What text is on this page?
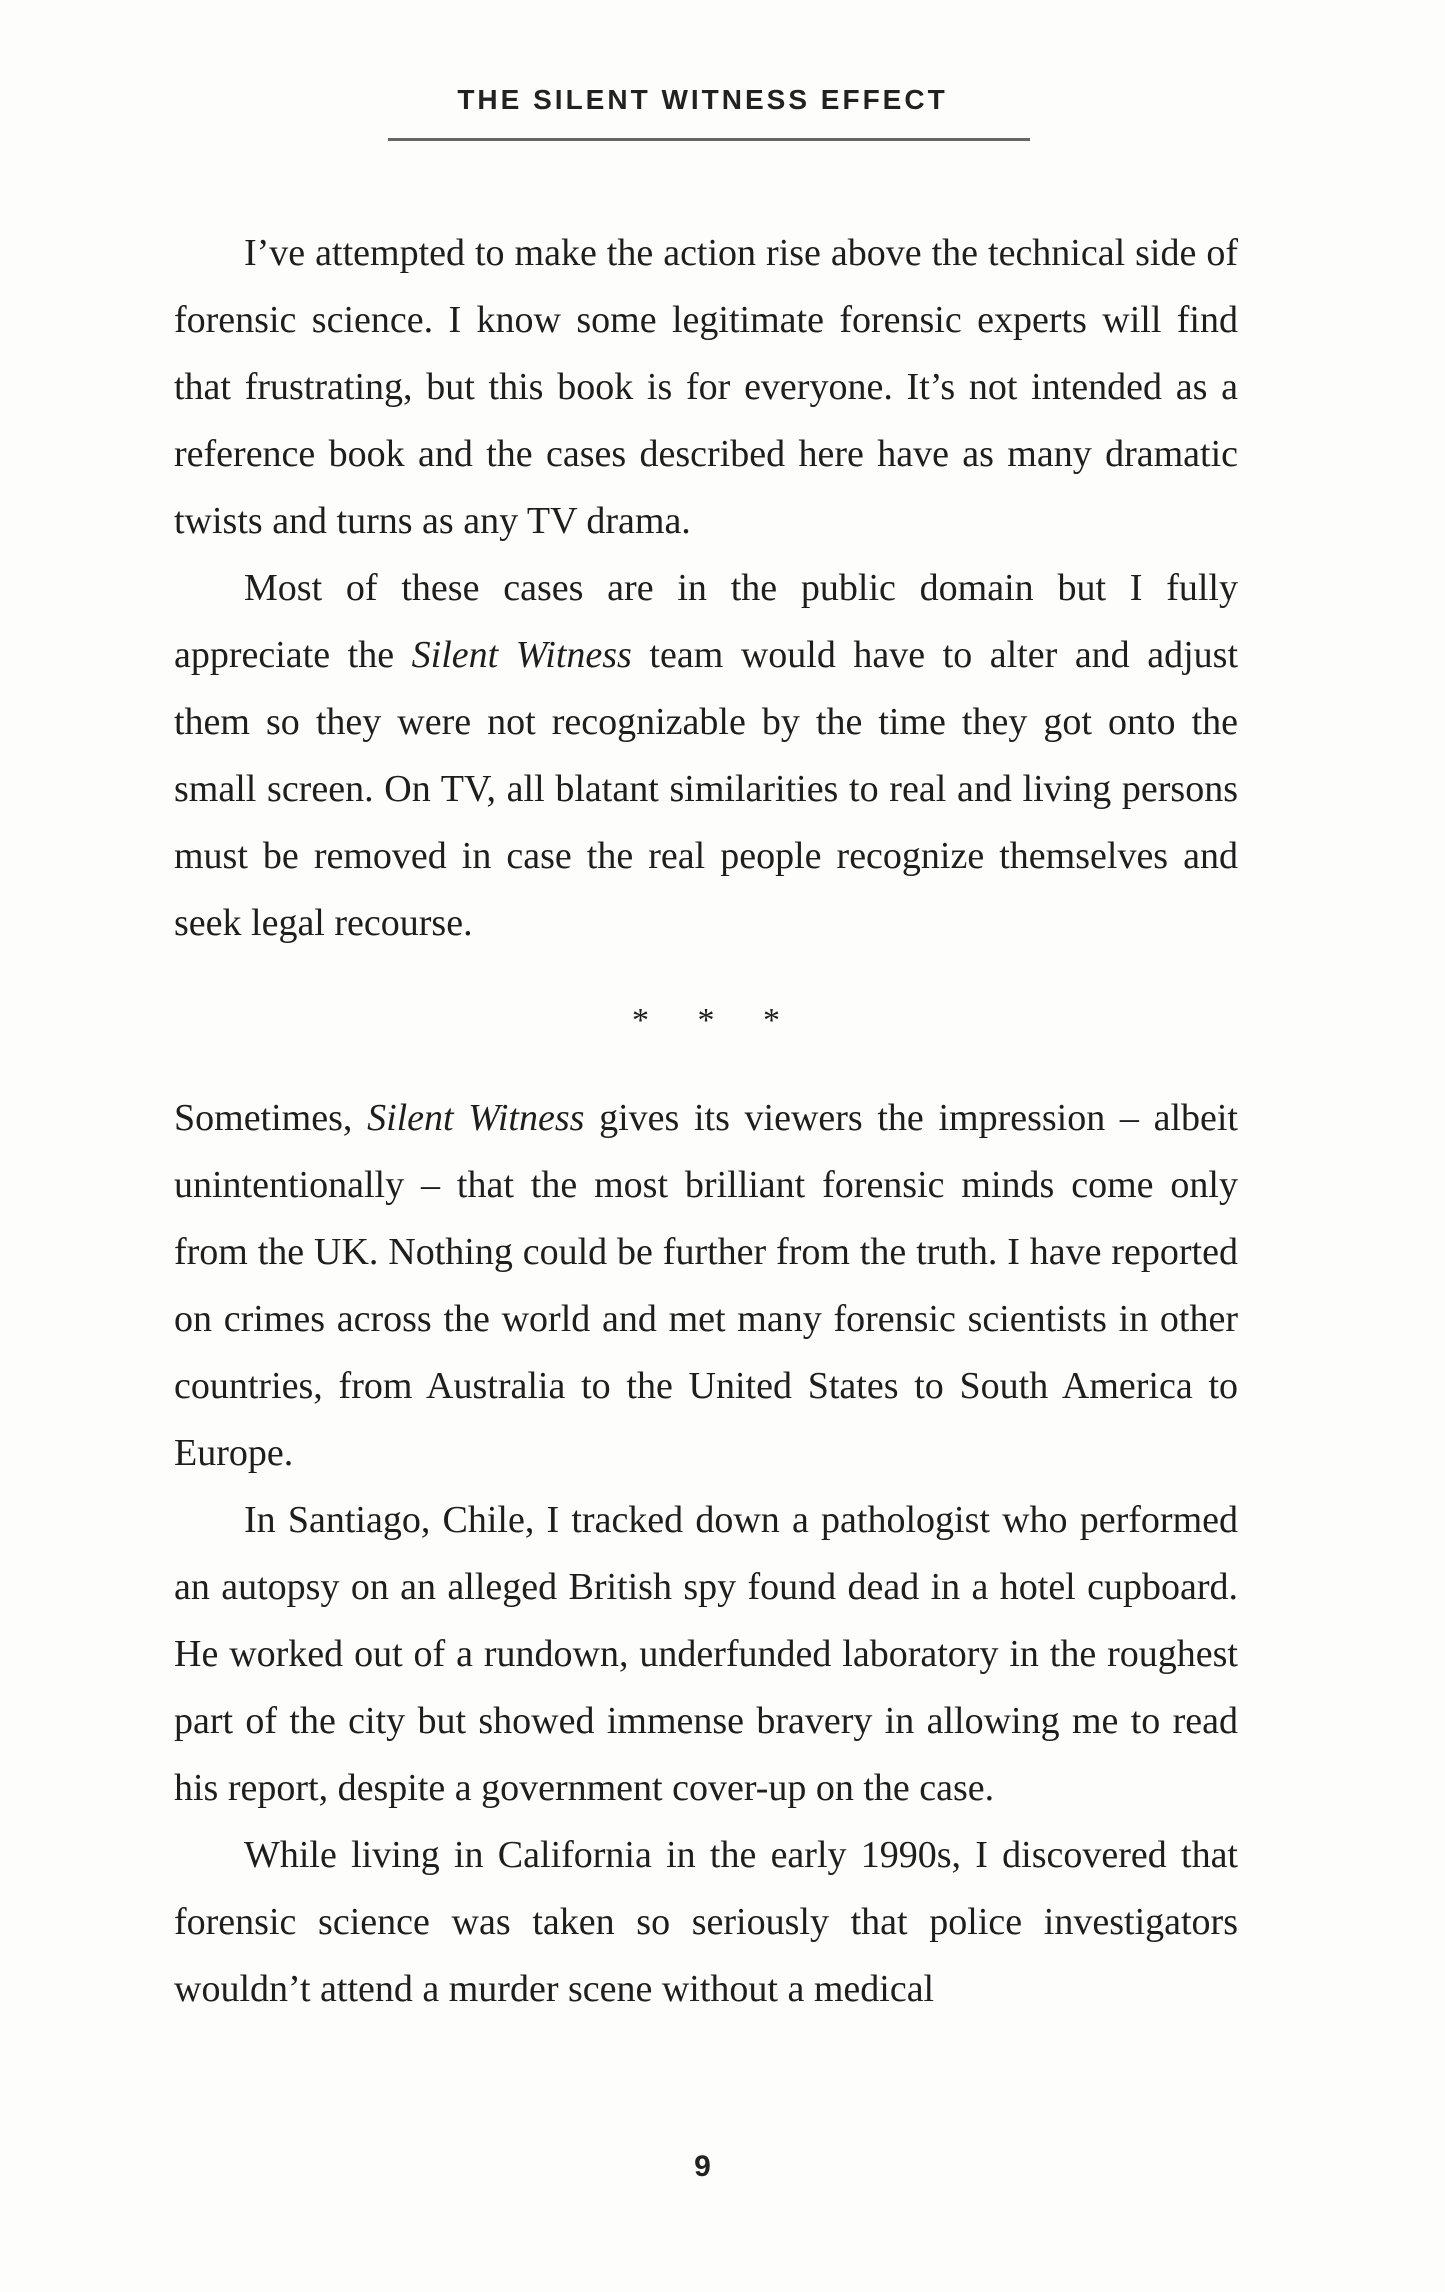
THE SILENT WITNESS EFFECT

I’ve attempted to make the action rise above the technical side of forensic science. I know some legitimate forensic experts will find that frustrating, but this book is for everyone. It’s not intended as a reference book and the cases described here have as many dramatic twists and turns as any TV drama.

Most of these cases are in the public domain but I fully appreciate the Silent Witness team would have to alter and adjust them so they were not recognizable by the time they got onto the small screen. On TV, all blatant similarities to real and living persons must be removed in case the real people recognize themselves and seek legal recourse.

* * *

Sometimes, Silent Witness gives its viewers the impression – albeit unintentionally – that the most brilliant forensic minds come only from the UK. Nothing could be further from the truth. I have reported on crimes across the world and met many forensic scientists in other countries, from Australia to the United States to South America to Europe.

In Santiago, Chile, I tracked down a pathologist who performed an autopsy on an alleged British spy found dead in a hotel cupboard. He worked out of a rundown, underfunded laboratory in the roughest part of the city but showed immense bravery in allowing me to read his report, despite a government cover-up on the case.

While living in California in the early 1990s, I discovered that forensic science was taken so seriously that police investigators wouldn’t attend a murder scene without a medical

9
